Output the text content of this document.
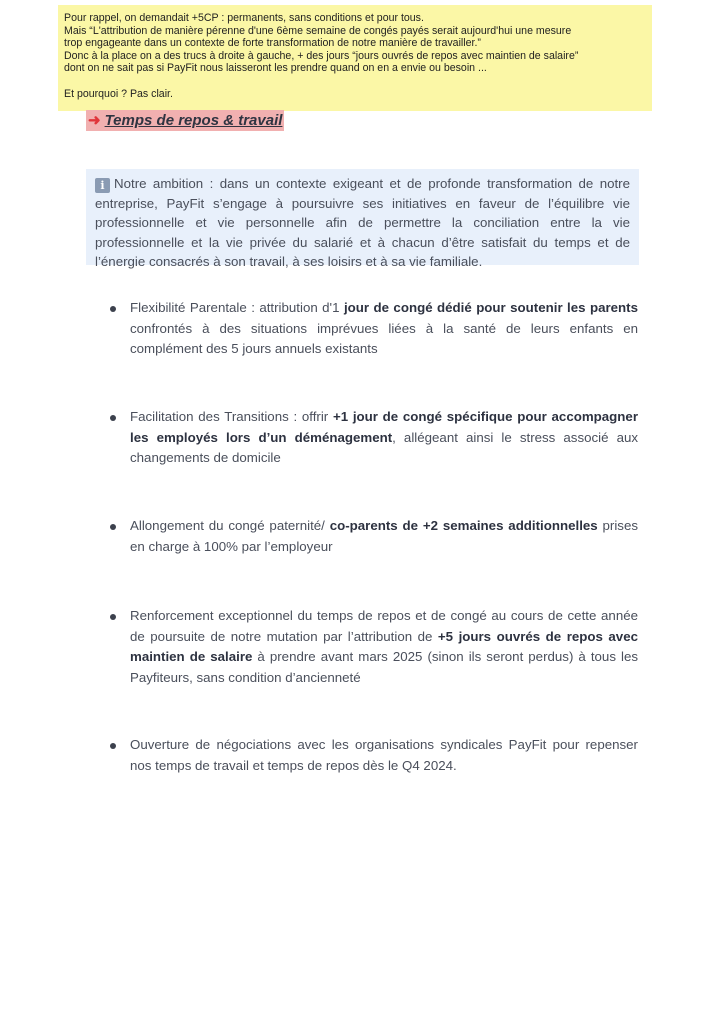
Pour rappel, on demandait +5CP : permanents, sans conditions et pour tous.

Mais “L'attribution de manière pérenne d'une 6ème semaine de congés payés serait aujourd'hui une mesure

trop engageante dans un contexte de forte transformation de notre manière de travailler.”

Donc à la place on a des trucs à droite à gauche, + des jours “jours ouvrés de repos avec maintien de salaire”

dont on ne sait pas si PayFit nous laisseront les prendre quand on en a envie ou besoin ...

Et pourquoi ? Pas clair.

➜ Temps de repos & travail
i Notre ambition : dans un contexte exigeant et de profonde transformation de notre entreprise, PayFit s’engage à poursuivre ses initiatives en faveur de l’équilibre vie professionnelle et vie personnelle afin de permettre la conciliation entre la vie professionnelle et la vie privée du salarié et à chacun d’être satisfait du temps et de l’énergie consacrés à son travail, à ses loisirs et à sa vie familiale.
Flexibilité Parentale : attribution d'1 jour de congé dédié pour soutenir les parents confrontés à des situations imprévues liées à la santé de leurs enfants en complément des 5 jours annuels existants
Facilitation des Transitions : offrir +1 jour de congé spécifique pour accompagner les employés lors d’un déménagement, allégeant ainsi le stress associé aux changements de domicile
Allongement du congé paternité/ co-parents de +2 semaines additionnelles prises en charge à 100% par l’employeur
Renforcement exceptionnel du temps de repos et de congé au cours de cette année de poursuite de notre mutation par l’attribution de +5 jours ouvrés de repos avec maintien de salaire à prendre avant mars 2025 (sinon ils seront perdus) à tous les Payfiteurs, sans condition d’ancienneté
Ouverture de négociations avec les organisations syndicales PayFit pour repenser nos temps de travail et temps de repos dès le Q4 2024.
